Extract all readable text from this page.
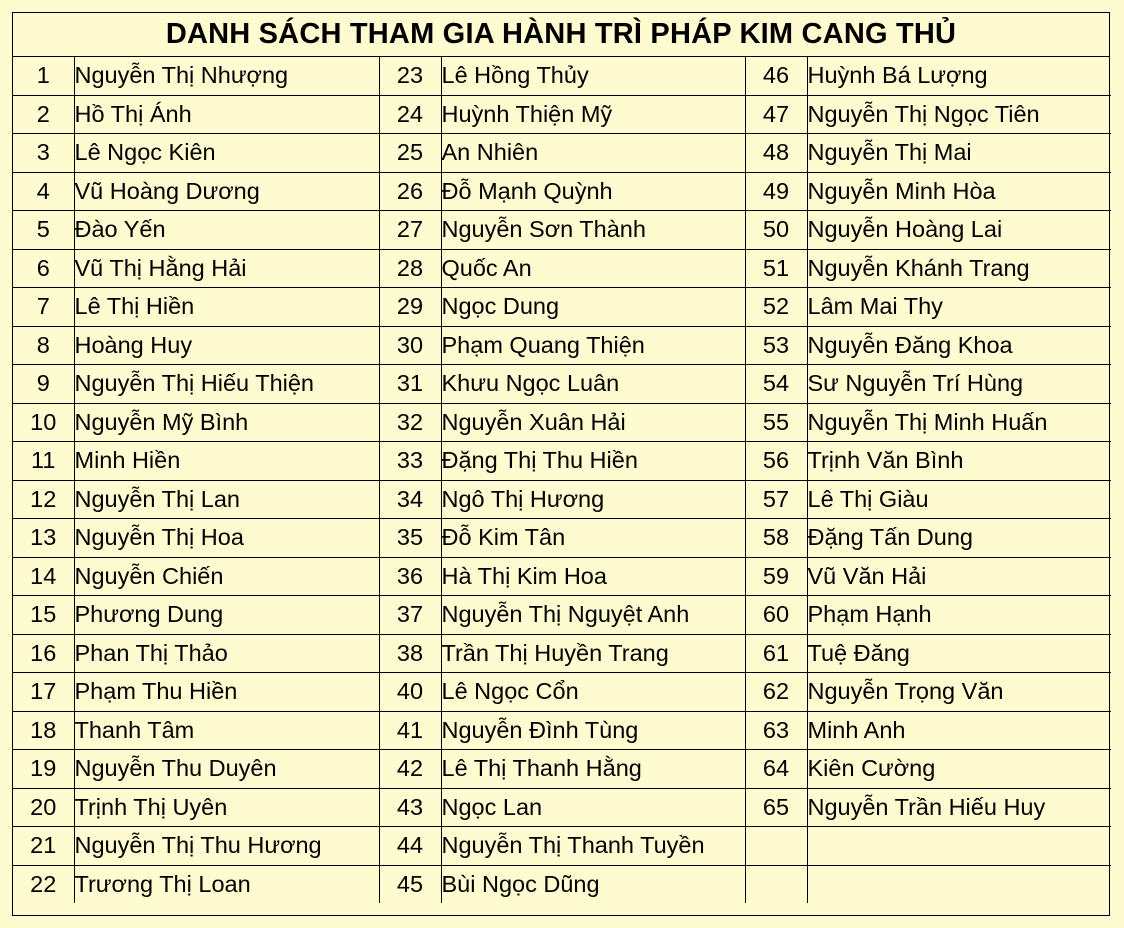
DANH SÁCH THAM GIA HÀNH TRÌ PHÁP KIM CANG THỦ
1	Nguyễn Thị Nhượng	23	Lê Hồng Thủy	46	Huỳnh Bá Lượng
2	Hồ Thị Ánh	24	Huỳnh Thiện Mỹ	47	Nguyễn Thị Ngọc Tiên
3	Lê Ngọc Kiên	25	An Nhiên	48	Nguyễn Thị Mai
4	Vũ Hoàng Dương	26	Đỗ Mạnh Quỳnh	49	Nguyễn Minh Hòa
5	Đào Yến	27	Nguyễn Sơn Thành	50	Nguyễn Hoàng Lai
6	Vũ Thị Hằng Hải	28	Quốc An	51	Nguyễn Khánh Trang
7	Lê Thị Hiền	29	Ngọc Dung	52	Lâm Mai Thy
8	Hoàng Huy	30	Phạm Quang Thiện	53	Nguyễn Đăng Khoa
9	Nguyễn Thị Hiếu Thiện	31	Khưu Ngọc Luân	54	Sư Nguyễn Trí Hùng
10	Nguyễn Mỹ Bình	32	Nguyễn Xuân Hải	55	Nguyễn Thị Minh Huấn
11	Minh Hiền	33	Đặng Thị Thu Hiền	56	Trịnh Văn Bình
12	Nguyễn Thị Lan	34	Ngô Thị Hương	57	Lê Thị Giàu
13	Nguyễn Thị Hoa	35	Đỗ Kim Tân	58	Đặng Tấn Dung
14	Nguyễn Chiến	36	Hà Thị Kim Hoa	59	Vũ Văn Hải
15	Phương Dung	37	Nguyễn Thị Nguyệt Anh	60	Phạm Hạnh
16	Phan Thị Thảo	38	Trần Thị Huyền Trang	61	Tuệ Đăng
17	Phạm Thu Hiền	40	Lê Ngọc Cổn	62	Nguyễn Trọng Văn
18	Thanh Tâm	41	Nguyễn Đình Tùng	63	Minh Anh
19	Nguyễn Thu Duyên	42	Lê Thị Thanh Hằng	64	Kiên Cường
20	Trịnh Thị Uyên	43	Ngọc Lan	65	Nguyễn Trần Hiếu Huy
21	Nguyễn Thị Thu Hương	44	Nguyễn Thị Thanh Tuyền		
22	Trương Thị Loan	45	Bùi Ngọc Dũng		
